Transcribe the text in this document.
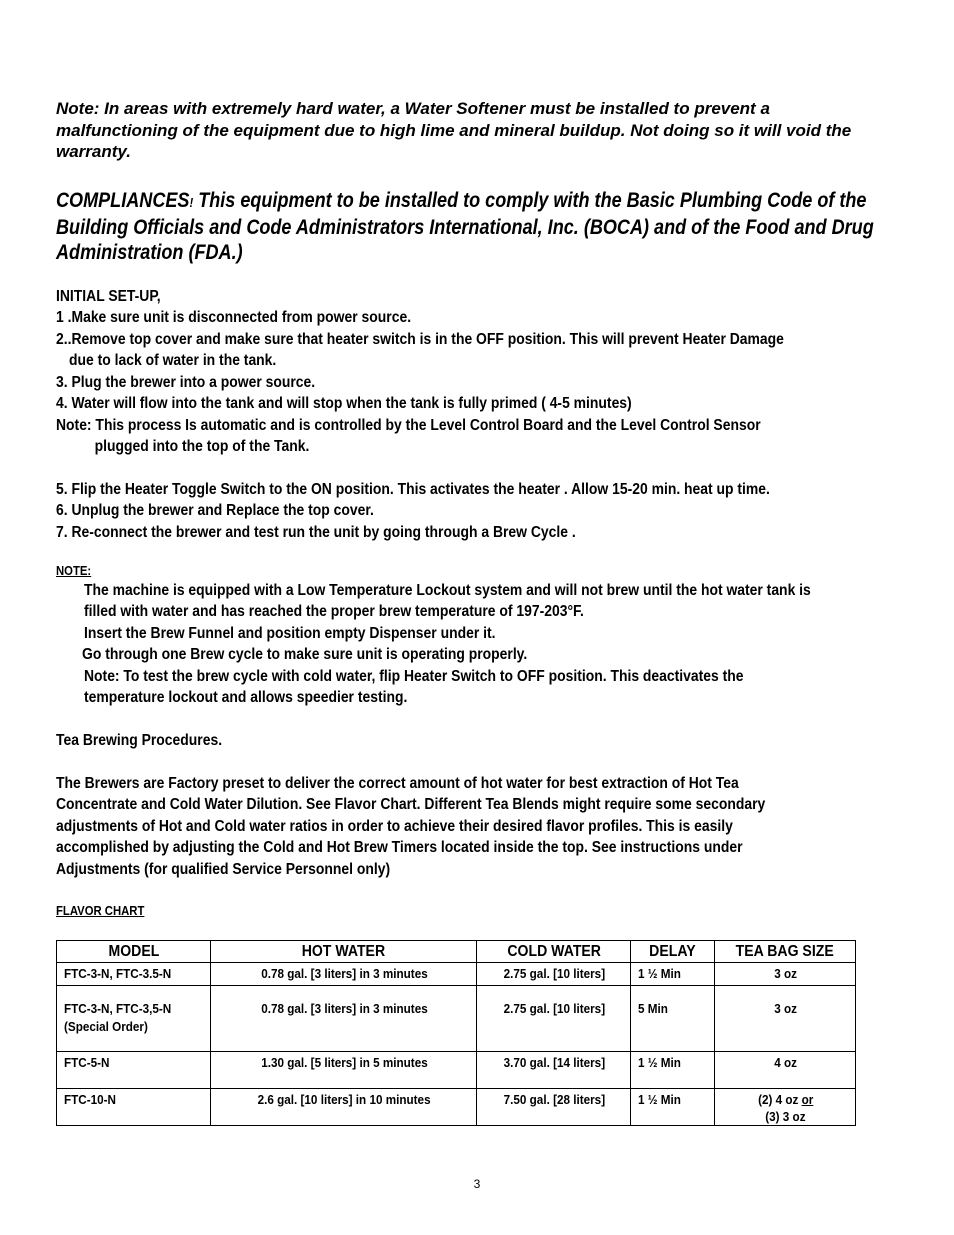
Note: In areas with extremely hard water, a Water Softener must be installed to prevent a malfunctioning of the equipment due to high lime and mineral buildup. Not doing so it will void the warranty.
COMPLIANCES! This equipment to be installed to comply with the Basic Plumbing Code of the Building Officials and Code Administrators International, Inc. (BOCA) and of the Food and Drug Administration (FDA.)
INITIAL SET-UP,
1 .Make sure unit is disconnected from power source.
2..Remove top cover and make sure that heater switch is in the OFF position. This will prevent Heater Damage
due to lack of water in the tank.
3. Plug the brewer into a power source.
4. Water will flow into the tank and will stop when the tank is fully primed ( 4-5 minutes)
Note: This process Is automatic and is controlled by the Level Control Board and the Level Control Sensor
plugged into the top of the Tank.
5. Flip the Heater Toggle Switch to the ON position. This activates the heater . Allow 15-20 min. heat up time.
6. Unplug the brewer and Replace the top cover.
7. Re-connect the brewer and test run the unit by going through a Brew Cycle .
NOTE:
The machine is equipped with a Low Temperature Lockout system and will not brew until the hot water tank is
filled with water and has reached the proper brew temperature of 197-203°F.
Insert the Brew Funnel and position empty Dispenser under it.
Go through one Brew cycle to make sure unit is operating properly.
Note: To test the brew cycle with cold water, flip Heater Switch to OFF position. This deactivates the
temperature lockout and allows speedier testing.
Tea Brewing Procedures.
The Brewers are Factory preset to deliver the correct amount of hot water for best extraction of Hot Tea
Concentrate and Cold Water Dilution. See Flavor Chart. Different Tea Blends might require some secondary
adjustments of Hot and Cold water ratios in order to achieve their desired flavor profiles. This is easily
accomplished by adjusting the Cold and Hot Brew Timers located inside the top. See instructions under
Adjustments (for qualified Service Personnel only)
FLAVOR CHART
MODEL	HOT WATER	COLD WATER	DELAY	TEA BAG SIZE
FTC-3-N, FTC-3.5-N	0.78 gal. [3 liters] in 3 minutes	2.75 gal. [10 liters]	1 ½ Min	3 oz
FTC-3-N, FTC-3,5-N
(Special Order)	0.78 gal. [3 liters] in 3 minutes	2.75 gal. [10 liters]	5 Min	3 oz
FTC-5-N	1.30 gal. [5 liters] in 5 minutes	3.70 gal. [14 liters]	1 ½ Min	4 oz
FTC-10-N	2.6 gal. [10 liters] in 10 minutes	7.50 gal. [28 liters]	1 ½ Min	(2) 4 oz or
(3) 3 oz
3
